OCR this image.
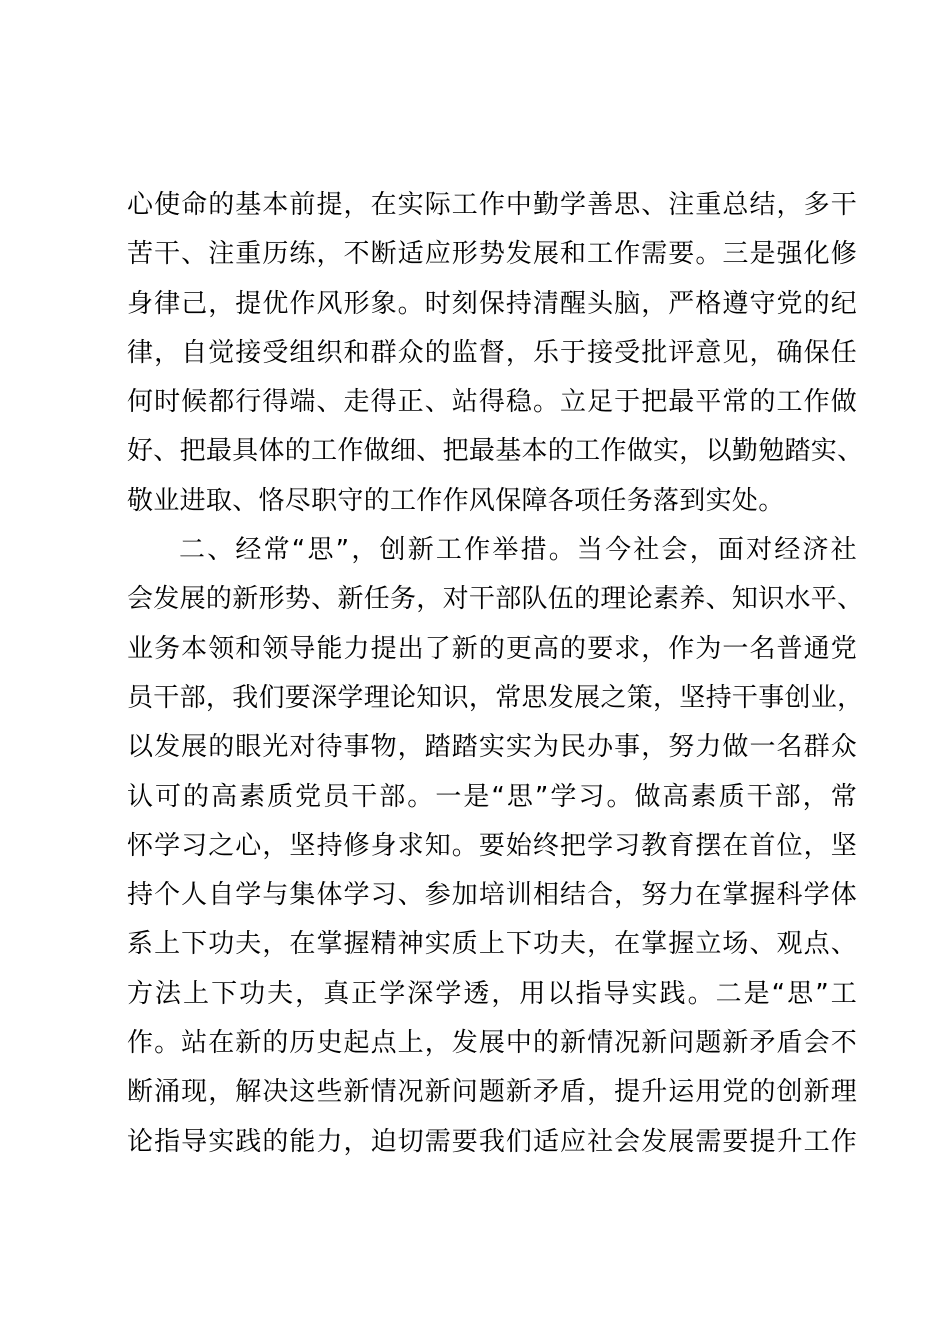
心使命的基本前提，在实际工作中勤学善思、注重总结，多干
苦干、注重历练，不断适应形势发展和工作需要。三是强化修
身律己，提优作风形象。时刻保持清醒头脑，严格遵守党的纪
律，自觉接受组织和群众的监督，乐于接受批评意见，确保任
何时候都行得端、走得正、站得稳。立足于把最平常的工作做
好、把最具体的工作做细、把最基本的工作做实，以勤勉踏实、
敬业进取、恪尽职守的工作作风保障各项任务落到实处。
二、经常“思”，创新工作举措。当今社会，面对经济社
会发展的新形势、新任务，对干部队伍的理论素养、知识水平、
业务本领和领导能力提出了新的更高的要求，作为一名普通党
员干部，我们要深学理论知识，常思发展之策，坚持干事创业，
以发展的眼光对待事物，踏踏实实为民办事，努力做一名群众
认可的高素质党员干部。一是“思”学习。做高素质干部，常
怀学习之心，坚持修身求知。要始终把学习教育摆在首位，坚
持个人自学与集体学习、参加培训相结合，努力在掌握科学体
系上下功夫，在掌握精神实质上下功夫，在掌握立场、观点、
方法上下功夫，真正学深学透，用以指导实践。二是“思”工
作。站在新的历史起点上，发展中的新情况新问题新矛盾会不
断涌现，解决这些新情况新问题新矛盾，提升运用党的创新理
论指导实践的能力，迫切需要我们适应社会发展需要提升工作
